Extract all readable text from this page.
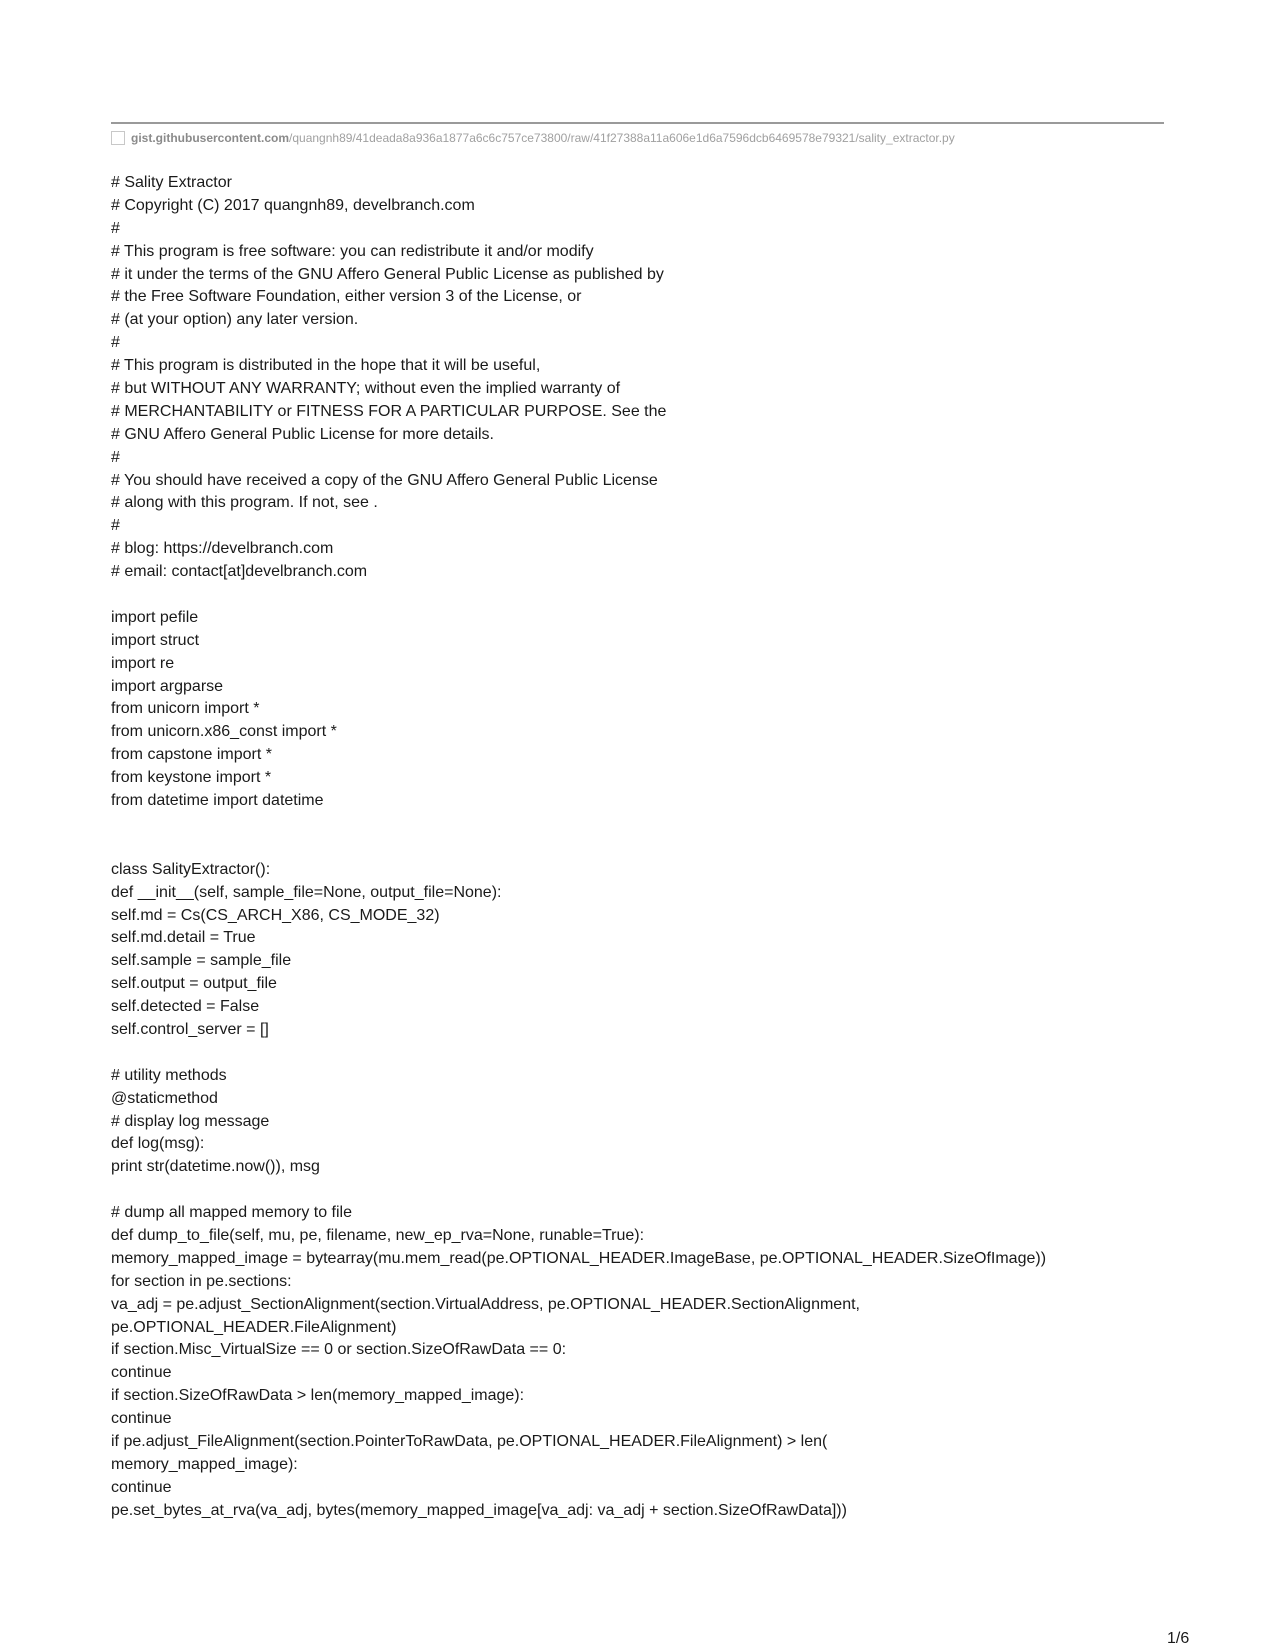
gist.githubusercontent.com /quangnh89/41deada8a936a1877a6c6c757ce73800/raw/41f27388a11a606e1d6a7596dcb6469578e79321/sality_extractor.py
# Sality Extractor
# Copyright (C) 2017 quangnh89, develbranch.com
#
# This program is free software: you can redistribute it and/or modify
# it under the terms of the GNU Affero General Public License as published by
# the Free Software Foundation, either version 3 of the License, or
# (at your option) any later version.
#
# This program is distributed in the hope that it will be useful,
# but WITHOUT ANY WARRANTY; without even the implied warranty of
# MERCHANTABILITY or FITNESS FOR A PARTICULAR PURPOSE. See the
# GNU Affero General Public License for more details.
#
# You should have received a copy of the GNU Affero General Public License
# along with this program. If not, see .
#
# blog: https://develbranch.com
# email: contact[at]develbranch.com
import pefile
import struct
import re
import argparse
from unicorn import *
from unicorn.x86_const import *
from capstone import *
from keystone import *
from datetime import datetime
class SalityExtractor():
def __init__(self, sample_file=None, output_file=None):
self.md = Cs(CS_ARCH_X86, CS_MODE_32)
self.md.detail = True
self.sample = sample_file
self.output = output_file
self.detected = False
self.control_server = []
# utility methods
@staticmethod
# display log message
def log(msg):
print str(datetime.now()), msg
# dump all mapped memory to file
def dump_to_file(self, mu, pe, filename, new_ep_rva=None, runable=True):
memory_mapped_image = bytearray(mu.mem_read(pe.OPTIONAL_HEADER.ImageBase, pe.OPTIONAL_HEADER.SizeOfImage))
for section in pe.sections:
va_adj = pe.adjust_SectionAlignment(section.VirtualAddress, pe.OPTIONAL_HEADER.SectionAlignment,
pe.OPTIONAL_HEADER.FileAlignment)
if section.Misc_VirtualSize == 0 or section.SizeOfRawData == 0:
continue
if section.SizeOfRawData > len(memory_mapped_image):
continue
if pe.adjust_FileAlignment(section.PointerToRawData, pe.OPTIONAL_HEADER.FileAlignment) > len(
memory_mapped_image):
continue
pe.set_bytes_at_rva(va_adj, bytes(memory_mapped_image[va_adj: va_adj + section.SizeOfRawData]))
1/6
